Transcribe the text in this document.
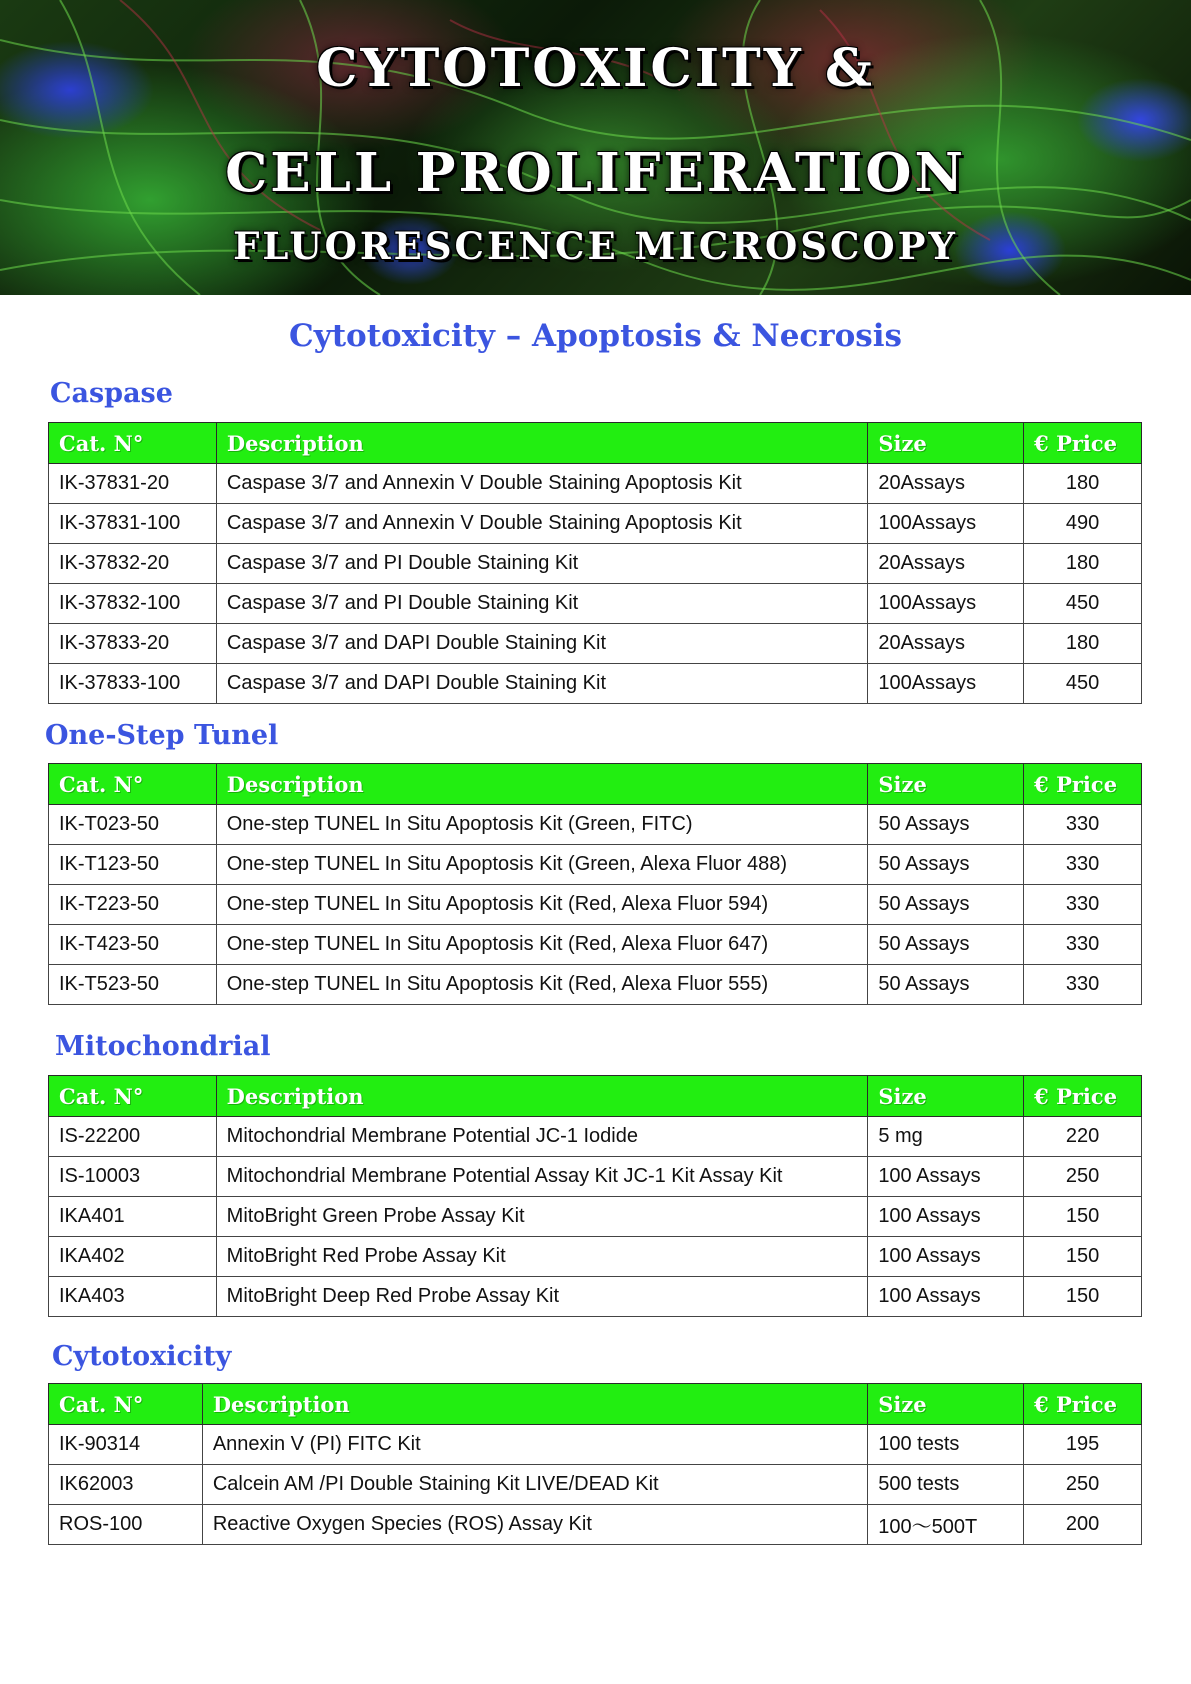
CYTOTOXICITY &

CELL PROLIFERATION

FLUORESCENCE MICROSCOPY

Cytotoxicity – Apoptosis & Necrosis
Caspase
Cat. N°	Description	Size	€ Price
IK-37831-20	Caspase 3/7 and Annexin V Double Staining Apoptosis Kit	20Assays	180
IK-37831-100	Caspase 3/7 and Annexin V Double Staining Apoptosis Kit	100Assays	490
IK-37832-20	Caspase 3/7 and PI Double Staining Kit	20Assays	180
IK-37832-100	Caspase 3/7 and PI Double Staining Kit	100Assays	450
IK-37833-20	Caspase 3/7 and DAPI Double Staining Kit	20Assays	180
IK-37833-100	Caspase 3/7 and DAPI Double Staining Kit	100Assays	450
One-Step Tunel
Cat. N°	Description	Size	€ Price
IK-T023-50	One-step TUNEL In Situ Apoptosis Kit (Green, FITC)	50 Assays	330
IK-T123-50	One-step TUNEL In Situ Apoptosis Kit (Green, Alexa Fluor 488)	50 Assays	330
IK-T223-50	One-step TUNEL In Situ Apoptosis Kit (Red, Alexa Fluor 594)	50 Assays	330
IK-T423-50	One-step TUNEL In Situ Apoptosis Kit (Red, Alexa Fluor 647)	50 Assays	330
IK-T523-50	One-step TUNEL In Situ Apoptosis Kit (Red, Alexa Fluor 555)	50 Assays	330
Mitochondrial
Cat. N°	Description	Size	€ Price
IS-22200	Mitochondrial Membrane Potential JC-1 Iodide	5 mg	220
IS-10003	Mitochondrial Membrane Potential Assay Kit JC-1 Kit Assay Kit	100 Assays	250
IKA401	MitoBright Green Probe Assay Kit	100 Assays	150
IKA402	MitoBright Red Probe Assay Kit	100 Assays	150
IKA403	MitoBright Deep Red Probe Assay Kit	100 Assays	150
Cytotoxicity
Cat. N°	Description	Size	€ Price
IK-90314	Annexin V (PI) FITC Kit	100 tests	195
IK62003	Calcein AM /PI Double Staining Kit LIVE/DEAD Kit	500 tests	250
ROS-100	Reactive Oxygen Species (ROS) Assay Kit	100〜500T	200
